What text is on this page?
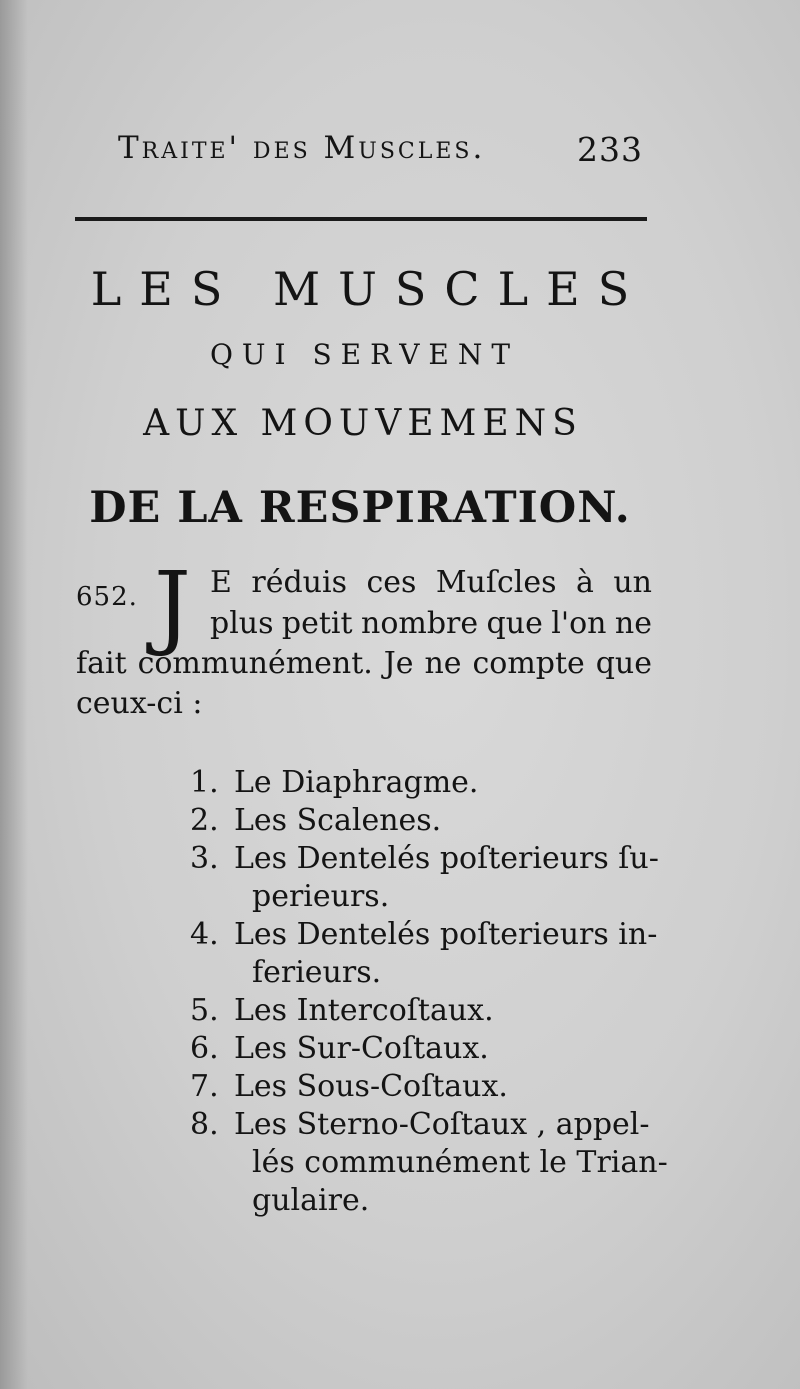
Traite' des Muscles.	233
LES MUSCLES
QUI SERVENT
AUX MOUVEMENS
DE LA RESPIRATION.
652. J E réduis ces Muſcles à un
plus petit nombre que l'on ne
fait communément. Je ne compte que
ceux-ci :
1. Le Diaphragme.
2. Les Scalenes.
3. Les Dentelés poſterieurs ſu-
perieurs.
4. Les Dentelés poſterieurs in-
ferieurs.
5. Les Intercoſtaux.
6. Les Sur-Coſtaux.
7. Les Sous-Coſtaux.
8. Les Sterno-Coſtaux , appel-
lés communément le Trian-
gulaire.
